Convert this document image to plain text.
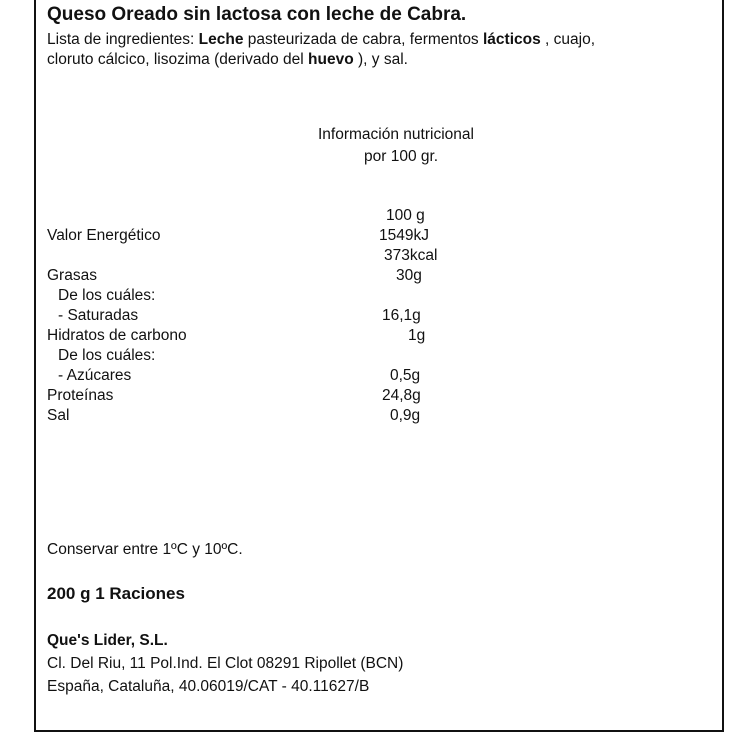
Queso Oreado sin lactosa con leche de Cabra.
Lista de ingredientes: Leche pasteurizada de cabra, fermentos lácticos , cuajo,
cloruto cálcico, lisozima (derivado del huevo ), y sal.
Información nutricional
por 100 gr.
100 g
Valor Energético	1549kJ
373kcal
Grasas	30g
De los cuáles:
- Saturadas	16,1g
Hidratos de carbono	1g
De los cuáles:
- Azúcares	0,5g
Proteínas	24,8g
Sal	0,9g
Conservar entre 1ºC y 10ºC.
200 g 1 Raciones
Que's Lider, S.L.
Cl. Del Riu, 11 Pol.Ind. El Clot 08291 Ripollet (BCN)
España, Cataluña, 40.06019/CAT - 40.11627/B
